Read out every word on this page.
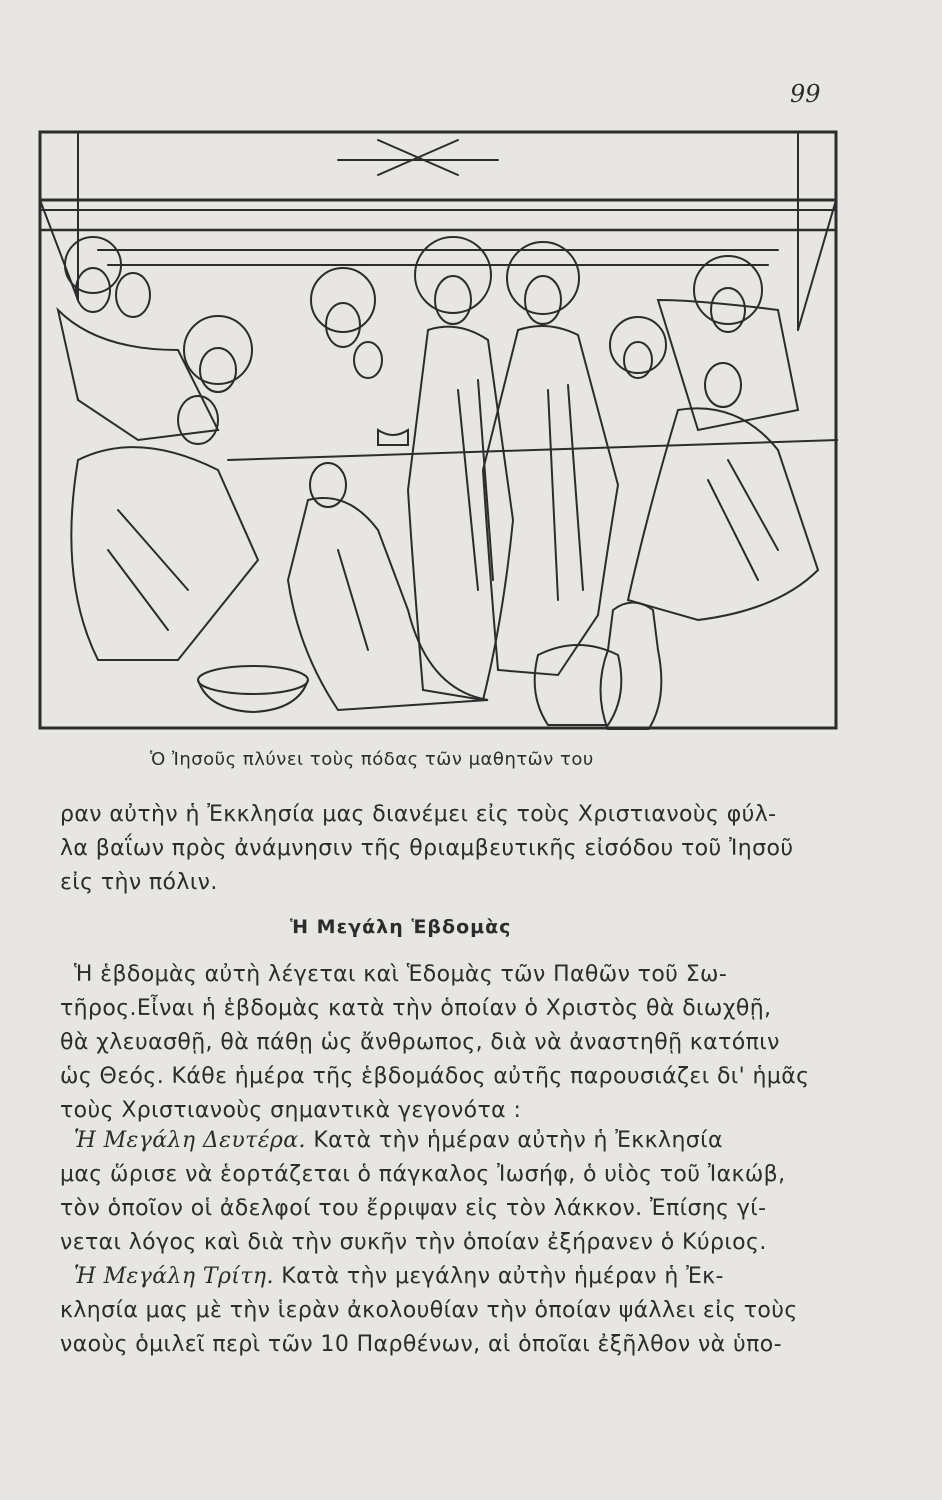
99
Ὁ Ἰησοῦς πλύνει τοὺς πόδας τῶν μαθητῶν του
ραν αὐτὴν ἡ Ἐκκλησία μας διανέμει εἰς τοὺς Χριστιανοὺς φύλ-
λα βαΐων πρὸς ἀνάμνησιν τῆς θριαμβευτικῆς εἰσόδου τοῦ Ἰησοῦ
εἰς τὴν πόλιν.
Ἡ Μεγάλη Ἑβδομὰς
Ἡ ἑβδομὰς αὐτὴ λέγεται καὶ Ἑδομὰς τῶν Παθῶν τοῦ Σω-
τῆρος.Εἶναι ἡ ἑβδομὰς κατὰ τὴν ὁποίαν ὁ Χριστὸς θὰ διωχθῇ,
θὰ χλευασθῇ, θὰ πάθῃ ὡς ἄνθρωπος, διὰ νὰ ἀναστηθῇ κατόπιν
ὡς Θεός. Κάθε ἡμέρα τῆς ἑβδομάδος αὐτῆς παρουσιάζει δι' ἡμᾶς
τοὺς Χριστιανοὺς σημαντικὰ γεγονότα :
Ἡ Μεγάλη Δευτέρα. Κατὰ τὴν ἡμέραν αὐτὴν ἡ Ἐκκλησία
μας ὥρισε νὰ ἑορτάζεται ὁ πάγκαλος Ἰωσήφ, ὁ υἱὸς τοῦ Ἰακώβ,
τὸν ὁποῖον οἱ ἀδελφοί του ἔρριψαν εἰς τὸν λάκκον. Ἐπίσης γί-
νεται λόγος καὶ διὰ τὴν συκῆν τὴν ὁποίαν ἐξήρανεν ὁ Κύριος.
Ἡ Μεγάλη Τρίτη. Κατὰ τὴν μεγάλην αὐτὴν ἡμέραν ἡ Ἐκ-
κλησία μας μὲ τὴν ἱερὰν ἀκολουθίαν τὴν ὁποίαν ψάλλει εἰς τοὺς
ναοὺς ὁμιλεῖ περὶ τῶν 10 Παρθένων, αἱ ὁποῖαι ἐξῆλθον νὰ ὑπο-
